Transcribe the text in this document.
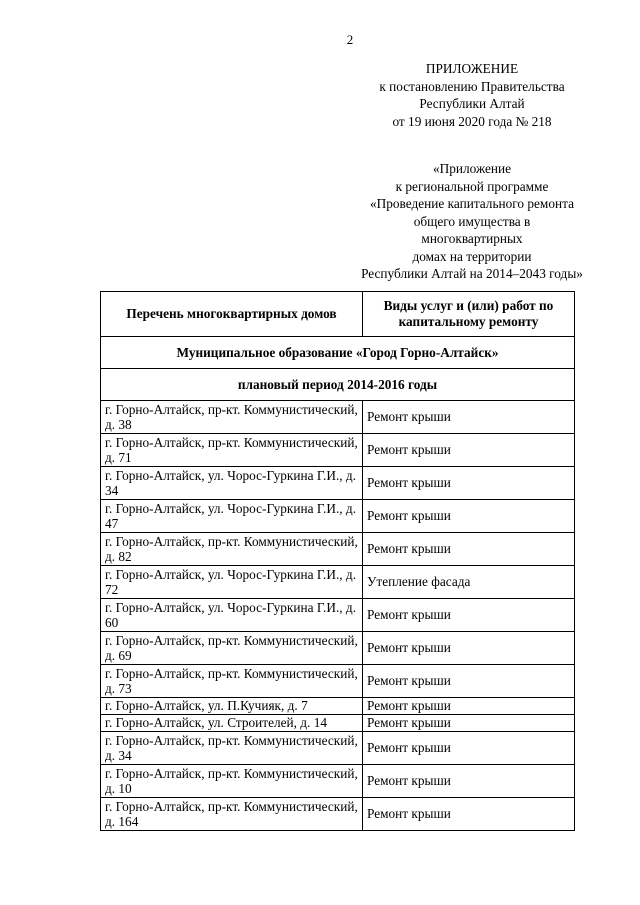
2
ПРИЛОЖЕНИЕ
к постановлению Правительства
Республики Алтай
от 19 июня 2020 года № 218
«Приложение
к региональной программе
«Проведение капитального ремонта
общего имущества в
многоквартирных
домах на территории
Республики Алтай на 2014–2043 годы»
Перечень многоквартирных домов	Виды услуг и (или) работ по капитальному ремонту
Муниципальное образование «Город Горно-Алтайск»	
плановый период 2014-2016 годы	
г. Горно-Алтайск, пр-кт. Коммунистический, д. 38	Ремонт крыши
г. Горно-Алтайск, пр-кт. Коммунистический, д. 71	Ремонт крыши
г. Горно-Алтайск, ул. Чорос-Гуркина Г.И., д. 34	Ремонт крыши
г. Горно-Алтайск, ул. Чорос-Гуркина Г.И., д. 47	Ремонт крыши
г. Горно-Алтайск, пр-кт. Коммунистический, д. 82	Ремонт крыши
г. Горно-Алтайск, ул. Чорос-Гуркина Г.И., д. 72	Утепление фасада
г. Горно-Алтайск, ул. Чорос-Гуркина Г.И., д. 60	Ремонт крыши
г. Горно-Алтайск, пр-кт. Коммунистический, д. 69	Ремонт крыши
г. Горно-Алтайск, пр-кт. Коммунистический, д. 73	Ремонт крыши
г. Горно-Алтайск, ул. П.Кучияк, д. 7	Ремонт крыши
г. Горно-Алтайск, ул. Строителей, д. 14	Ремонт крыши
г. Горно-Алтайск, пр-кт. Коммунистический, д. 34	Ремонт крыши
г. Горно-Алтайск, пр-кт. Коммунистический, д. 10	Ремонт крыши
г. Горно-Алтайск, пр-кт. Коммунистический, д. 164	Ремонт крыши
